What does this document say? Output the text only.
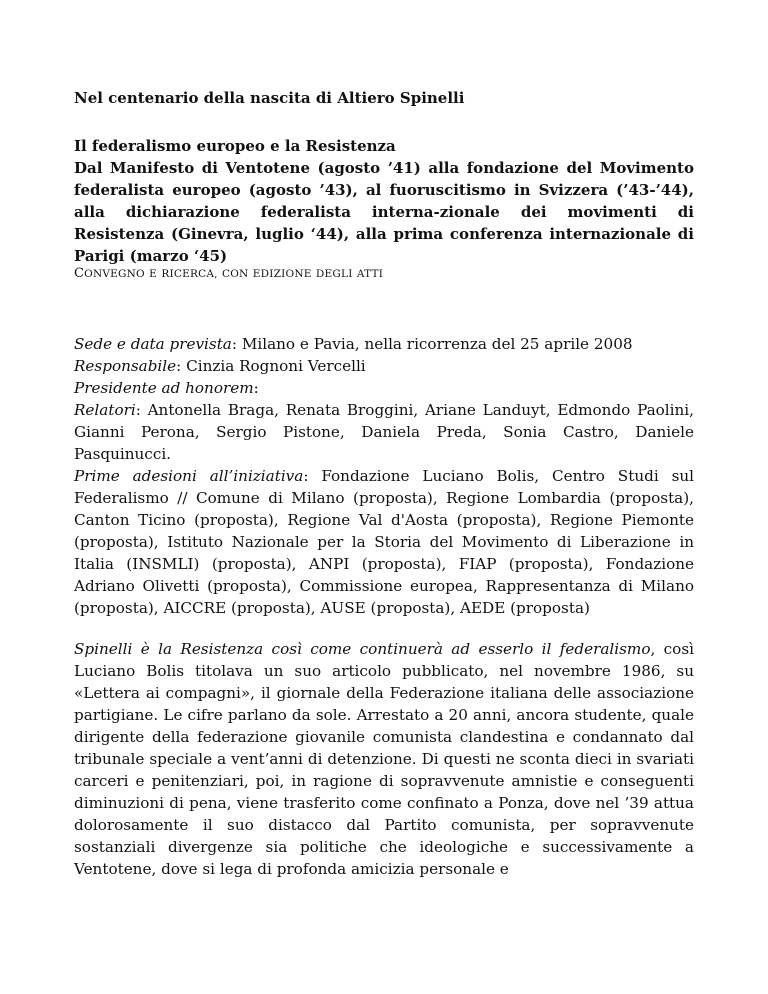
Nel centenario della nascita di Altiero Spinelli

Il federalismo europeo e la Resistenza
Dal Manifesto di Ventotene (agosto ’41) alla fondazione del Movimento federalista europeo (agosto ’43), al fuoruscitismo in Svizzera (’43-’44), alla dichiarazione federalista interna-zionale dei movimenti di Resistenza (Ginevra, luglio ‘44), alla prima conferenza internazionale di Parigi (marzo ‘45)
CONVEGNO E RICERCA, CON EDIZIONE DEGLI ATTI

Sede e data prevista: Milano e Pavia, nella ricorrenza del 25 aprile 2008

Responsabile: Cinzia Rognoni Vercelli

Presidente ad honorem:

Relatori: Antonella Braga, Renata Broggini, Ariane Landuyt, Edmondo Paolini, Gianni Perona, Sergio Pistone, Daniela Preda, Sonia Castro, Daniele Pasquinucci.

Prime adesioni all’iniziativa: Fondazione Luciano Bolis, Centro Studi sul Federalismo // Comune di Milano (proposta), Regione Lombardia (proposta), Canton Ticino (proposta), Regione Val d'Aosta (proposta), Regione Piemonte (proposta), Istituto Nazionale per la Storia del Movimento di Liberazione in Italia (INSMLI) (proposta), ANPI (proposta), FIAP (proposta), Fondazione Adriano Olivetti (proposta), Commissione europea, Rappresentanza di Milano (proposta), AICCRE (proposta), AUSE (proposta), AEDE (proposta)

Spinelli è la Resistenza così come continuerà ad esserlo il federalismo, così Luciano Bolis titolava un suo articolo pubblicato, nel novembre 1986, su «Lettera ai compagni», il giornale della Federazione italiana delle associazione partigiane. Le cifre parlano da sole. Arrestato a 20 anni, ancora studente, quale dirigente della federazione giovanile comunista clandestina e condannato dal tribunale speciale a vent’anni di detenzione. Di questi ne sconta dieci in svariati carceri e penitenziari, poi, in ragione di sopravvenute amnistie e conseguenti diminuzioni di pena, viene trasferito come confinato a Ponza, dove nel ’39 attua dolorosamente il suo distacco dal Partito comunista, per sopravvenute sostanziali divergenze sia politiche che ideologiche e successivamente a Ventotene, dove si lega di profonda amicizia personale e
